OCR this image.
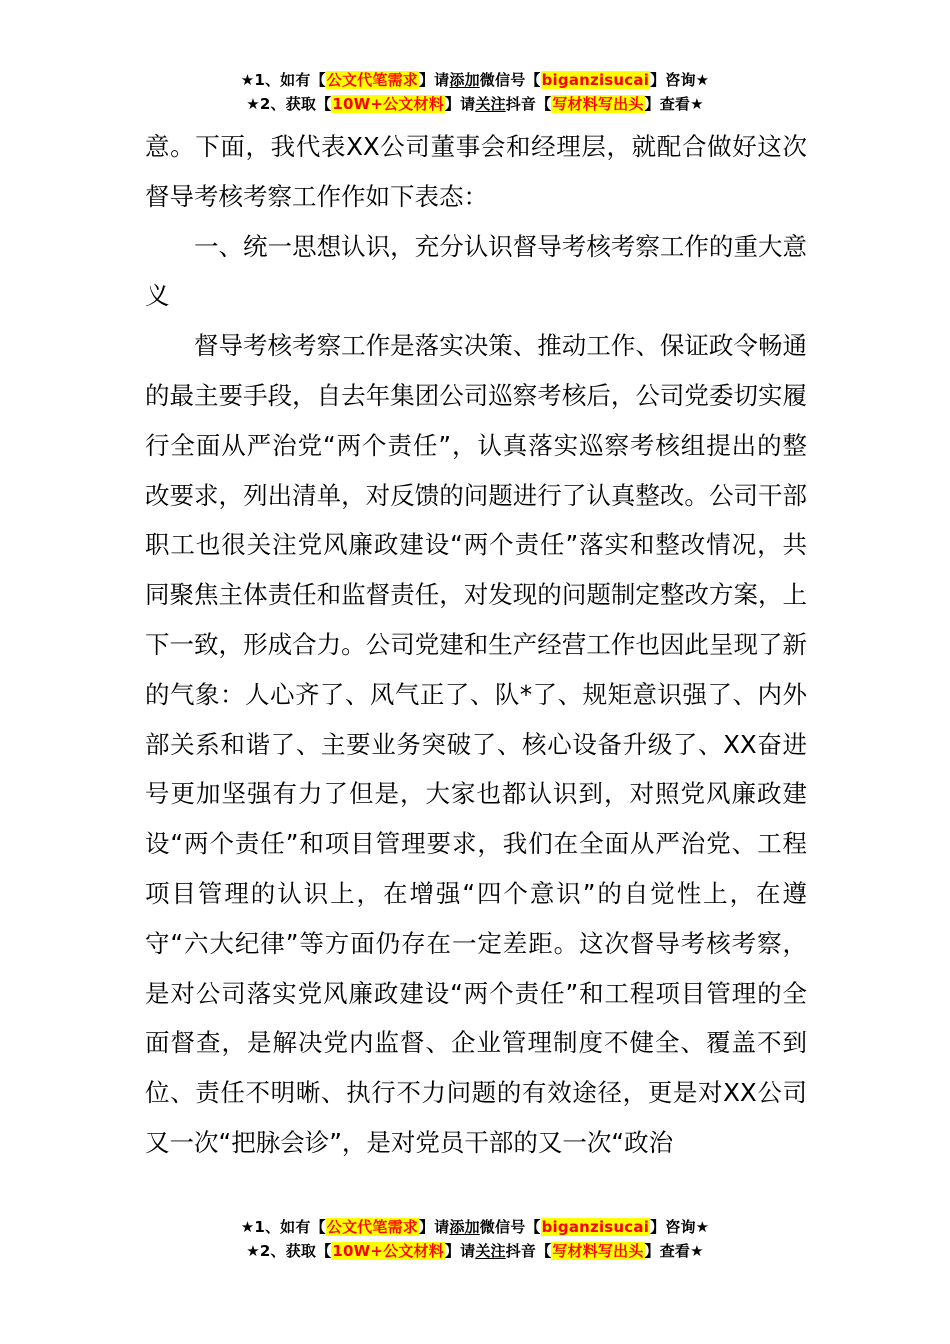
★1、如有【公文代笔需求】请添加微信号【biganzisucai】咨询★
★2、获取【10W+公文材料】请关注抖音【写材料写出头】查看★

意。下面，我代表XX公司董事会和经理层，就配合做好这次督导考核考察工作作如下表态：

一、统一思想认识，充分认识督导考核考察工作的重大意义

督导考核考察工作是落实决策、推动工作、保证政令畅通的最主要手段，自去年集团公司巡察考核后，公司党委切实履行全面从严治党“两个责任”，认真落实巡察考核组提出的整改要求，列出清单，对反馈的问题进行了认真整改。公司干部职工也很关注党风廉政建设“两个责任”落实和整改情况，共同聚焦主体责任和监督责任，对发现的问题制定整改方案，上下一致，形成合力。公司党建和生产经营工作也因此呈现了新的气象：人心齐了、风气正了、队*了、规矩意识强了、内外部关系和谐了、主要业务突破了、核心设备升级了、XX奋进号更加坚强有力了但是，大家也都认识到，对照党风廉政建设“两个责任”和项目管理要求，我们在全面从严治党、工程项目管理的认识上，在增强“四个意识”的自觉性上，在遵守“六大纪律”等方面仍存在一定差距。这次督导考核考察，是对公司落实党风廉政建设“两个责任”和工程项目管理的全面督查，是解决党内监督、企业管理制度不健全、覆盖不到位、责任不明晰、执行不力问题的有效途径，更是对XX公司又一次“把脉会诊”，是对党员干部的又一次“政治

★1、如有【公文代笔需求】请添加微信号【biganzisucai】咨询★
★2、获取【10W+公文材料】请关注抖音【写材料写出头】查看★
